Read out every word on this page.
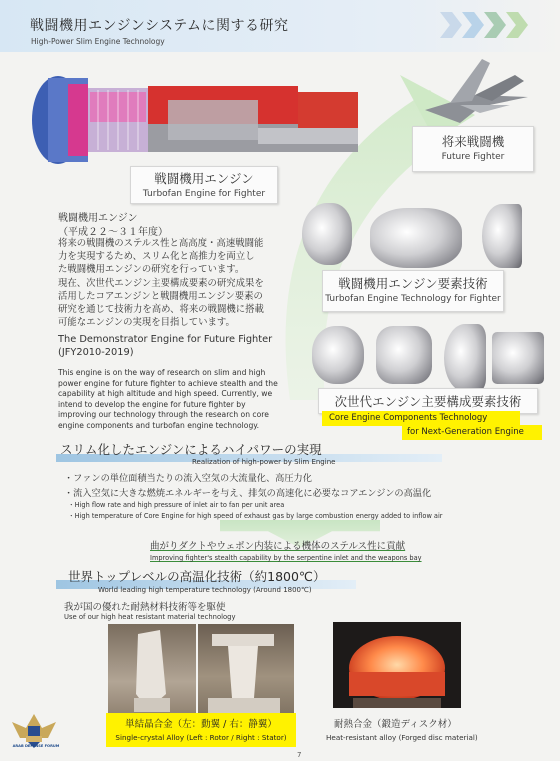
戦闘機用エンジンシステムに関する研究
High-Power Slim Engine Technology
将来戦闘機
Future Fighter
戦闘機用エンジン
Turbofan Engine for Fighter
戦闘機用エンジン
（平成２２～３１年度）
将来の戦闘機のステルス性と高高度・高速戦闘能
力を実現するため、スリム化と高推力を両立し
た戦闘機用エンジンの研究を行っています。
現在、次世代エンジン主要構成要素の研究成果を
活用したコアエンジンと戦闘機用エンジン要素の
研究を通じて技術力を高め、将来の戦闘機に搭載
可能なエンジンの実現を目指しています。
The Demonstrator Engine for Future Fighter
(JFY2010-2019)
This engine is on the way of research on slim and high
power engine for future fighter to achieve stealth and the
capability at high altitude and high speed. Currently, we
intend to develop the engine for future fighter by
improving our technology through the research on core
engine components and turbofan engine technology.
戦闘機用エンジン要素技術
Turbofan Engine Technology for Fighter
次世代エンジン主要構成要素技術
Core Engine Components Technology
for Next-Generation Engine
スリム化したエンジンによるハイパワーの実現
Realization of high-power by Slim Engine
・ファンの単位面積当たりの流入空気の大流量化、高圧力化
・流入空気に大きな燃焼エネルギーを与え、排気の高速化に必要なコアエンジンの高温化
・High flow rate and high pressure of inlet air to fan per unit area
・High temperature of Core Engine for high speed of exhaust gas by large combustion energy added to inflow air
曲がりダクトやウェポン内装による機体のステルス性に貢献
Improving fighter's stealth capability by the serpentine inlet and the weapons bay
世界トップレベルの高温化技術（約1800℃）
World leading high temperature technology (Around 1800℃)
我が国の優れた耐熱材料技術等を駆使
Use of our high heat resistant material technology
単結晶合金（左：動翼 / 右：静翼）
Single-crystal Alloy (Left : Rotor / Right : Stator)
耐熱合金（鍛造ディスク材）
Heat-resistant alloy (Forged disc material)
7
ARAB DEFENSE FORUM
